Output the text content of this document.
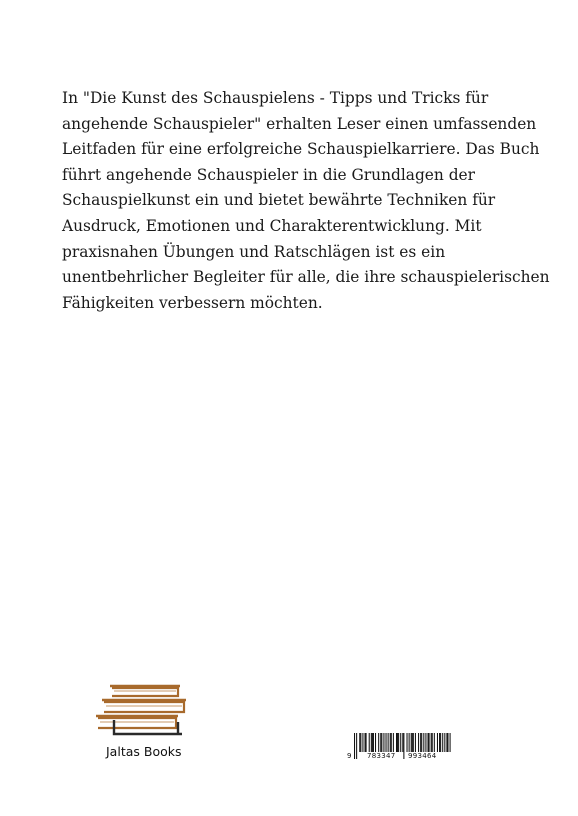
In "Die Kunst des Schauspielens - Tipps und Tricks für
angehende Schauspieler" erhalten Leser einen umfassenden
Leitfaden für eine erfolgreiche Schauspielkarriere. Das Buch
führt angehende Schauspieler in die Grundlagen der
Schauspielkunst ein und bietet bewährte Techniken für
Ausdruck, Emotionen und Charakterentwicklung. Mit
praxisnahen Übungen und Ratschlägen ist es ein
unentbehrlicher Begleiter für alle, die ihre schauspielerischen
Fähigkeiten verbessern möchten.
Jaltas Books	9 783347 993464
